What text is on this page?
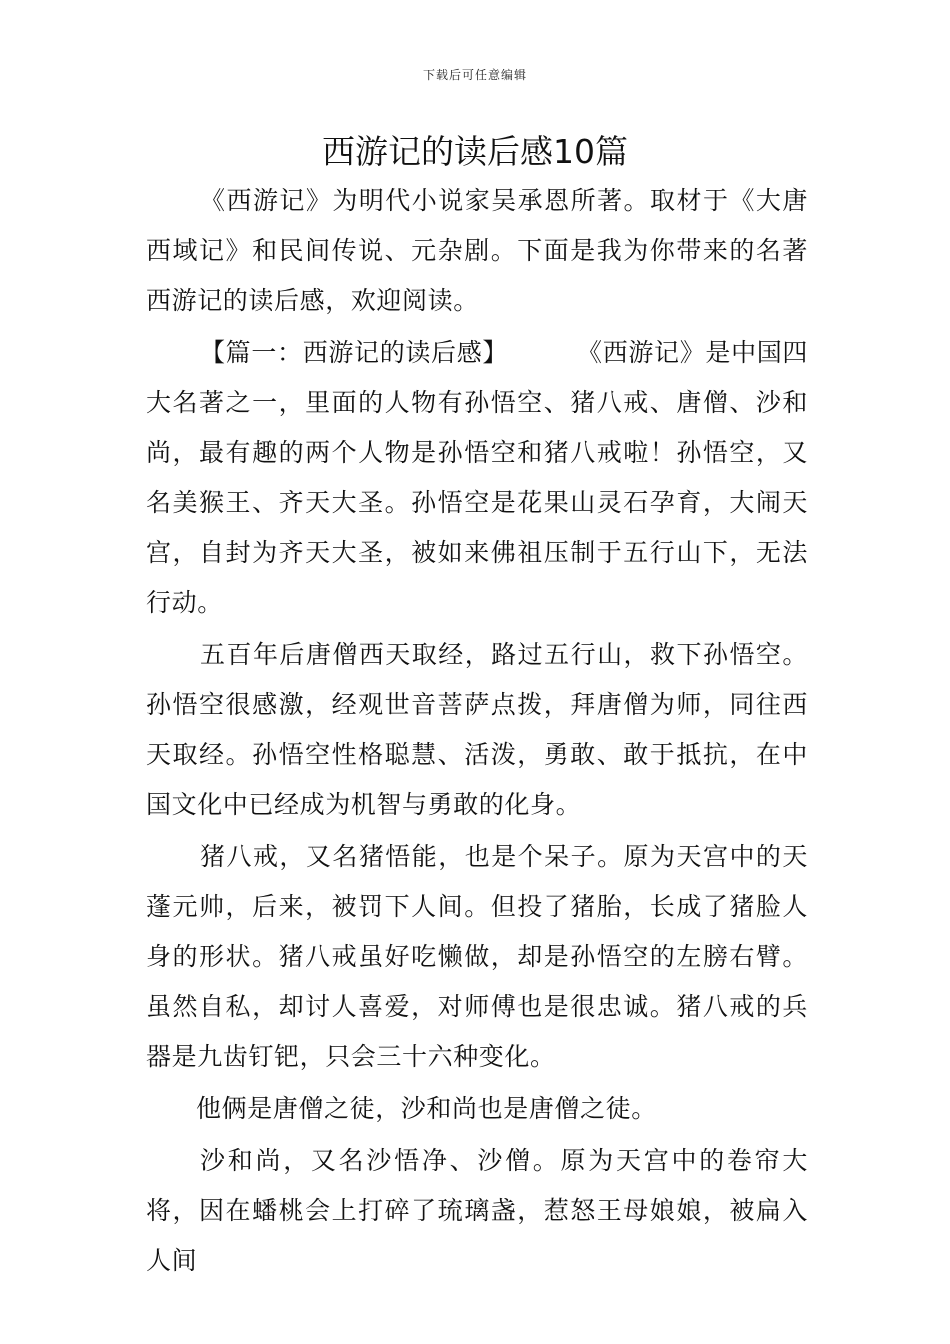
下载后可任意编辑
西游记的读后感10篇

《西游记》为明代小说家吴承恩所著。取材于《大唐西域记》和民间传说、元杂剧。下面是我为你带来的名著西游记的读后感，欢迎阅读。

【篇一：西游记的读后感】	《西游记》是中国四大名著之一，里面的人物有孙悟空、猪八戒、唐僧、沙和尚，最有趣的两个人物是孙悟空和猪八戒啦！孙悟空，又名美猴王、齐天大圣。孙悟空是花果山灵石孕育，大闹天宫，自封为齐天大圣，被如来佛祖压制于五行山下，无法行动。

五百年后唐僧西天取经，路过五行山，救下孙悟空。孙悟空很感激，经观世音菩萨点拨，拜唐僧为师，同往西天取经。孙悟空性格聪慧、活泼，勇敢、敢于抵抗，在中国文化中已经成为机智与勇敢的化身。

猪八戒，又名猪悟能，也是个呆子。原为天宫中的天蓬元帅，后来，被罚下人间。但投了猪胎，长成了猪脸人身的形状。猪八戒虽好吃懒做，却是孙悟空的左膀右臂。虽然自私，却讨人喜爱，对师傅也是很忠诚。猪八戒的兵器是九齿钉钯，只会三十六种变化。

他俩是唐僧之徒，沙和尚也是唐僧之徒。

沙和尚，又名沙悟净、沙僧。原为天宫中的卷帘大将，因在蟠桃会上打碎了琉璃盏，惹怒王母娘娘，被扁入人间
